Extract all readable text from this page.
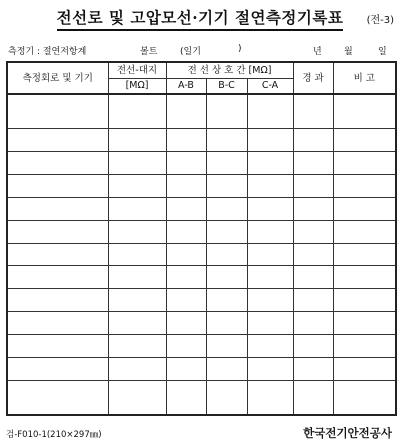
전선로 및 고압모선·기기 절연측정기록표	(전-3)
측정기 : 절연저항계	볼트	(일기	)	년 월	일
측정회로 및 기기	전선-대지	전 선 상 호 간 [MΩ]			경 과	비 고
	[MΩ]	A-B	B-C	C-A		

검-F010-1(210×297㎜)	한국전기안전공사
